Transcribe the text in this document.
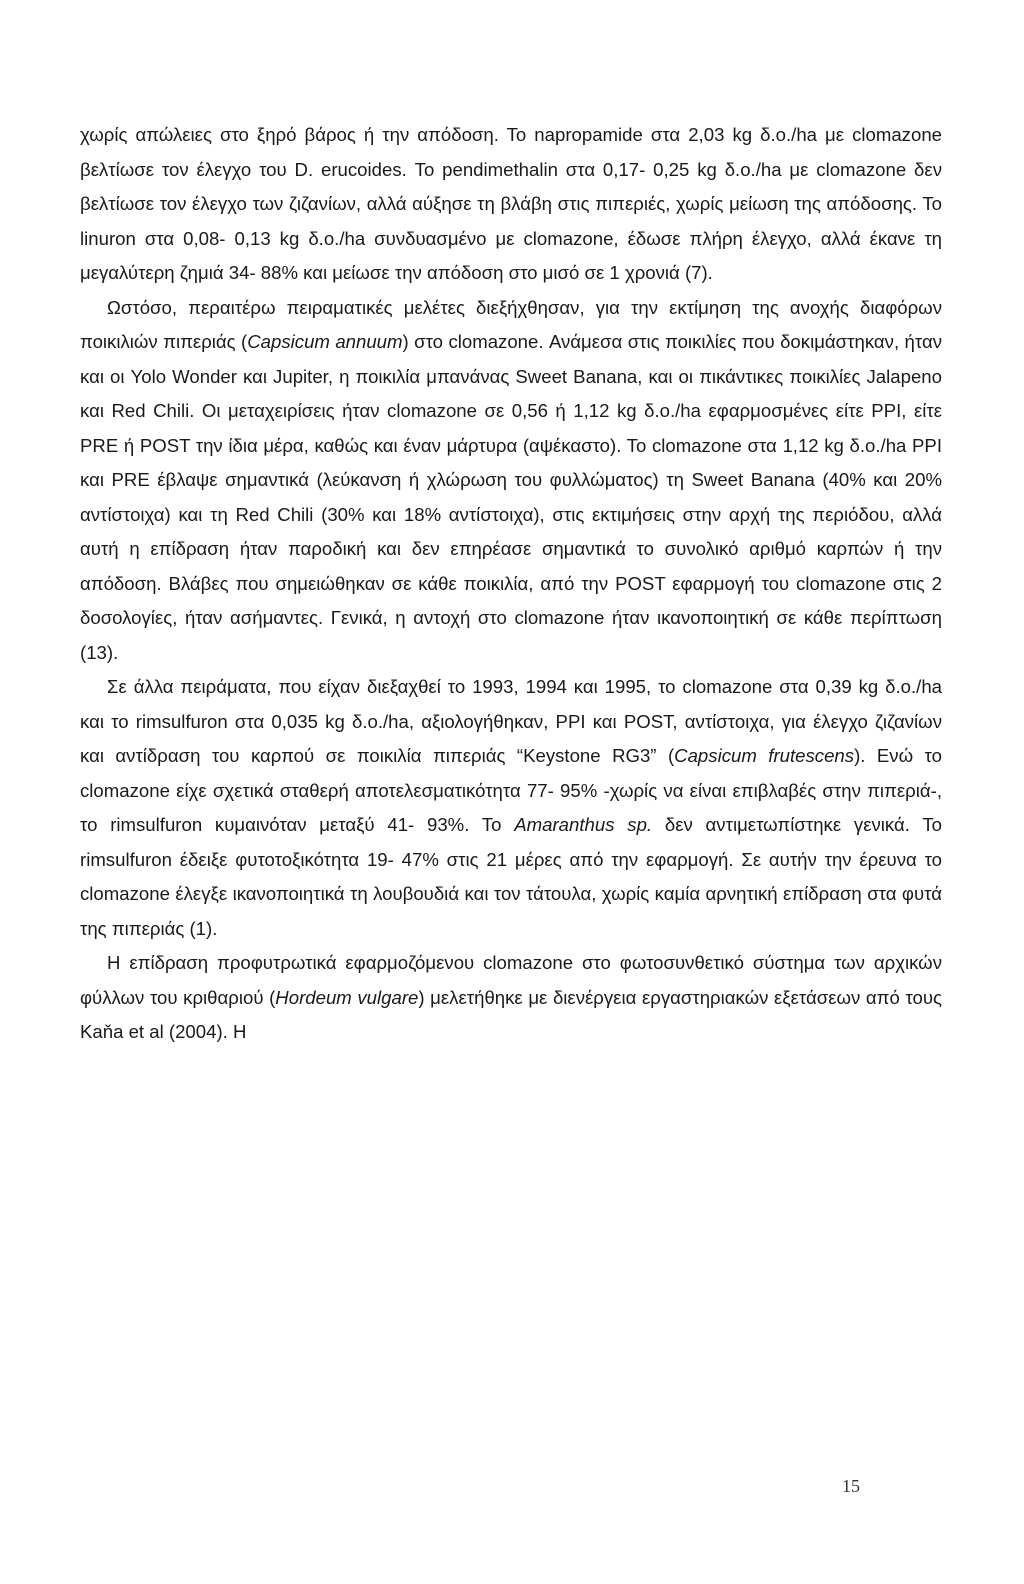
χωρίς απώλειες στο ξηρό βάρος ή την απόδοση. Το napropamide στα 2,03 kg δ.ο./ha με clomazone βελτίωσε τον έλεγχο του D. erucoides. Το pendimethalin στα 0,17- 0,25 kg δ.ο./ha με clomazone δεν βελτίωσε τον έλεγχο των ζιζανίων, αλλά αύξησε τη βλάβη στις πιπεριές, χωρίς μείωση της απόδοσης. Το linuron στα 0,08- 0,13 kg δ.ο./ha συνδυασμένο με clomazone, έδωσε πλήρη έλεγχο, αλλά έκανε τη μεγαλύτερη ζημιά 34- 88% και μείωσε την απόδοση στο μισό σε 1 χρονιά (7).

Ωστόσο, περαιτέρω πειραματικές μελέτες διεξήχθησαν, για την εκτίμηση της ανοχής διαφόρων ποικιλιών πιπεριάς (Capsicum annuum) στο clomazone. Ανάμεσα στις ποικιλίες που δοκιμάστηκαν, ήταν και οι Yolo Wonder και Jupiter, η ποικιλία μπανάνας Sweet Banana, και οι πικάντικες ποικιλίες Jalapeno και Red Chili. Οι μεταχειρίσεις ήταν clomazone σε 0,56 ή 1,12 kg δ.ο./ha εφαρμοσμένες είτε PPI, είτε PRE ή POST την ίδια μέρα, καθώς και έναν μάρτυρα (αψέκαστο). Το clomazone στα 1,12 kg δ.ο./ha PPI και PRE έβλαψε σημαντικά (λεύκανση ή χλώρωση του φυλλώματος) τη Sweet Banana (40% και 20% αντίστοιχα) και τη Red Chili (30% και 18% αντίστοιχα), στις εκτιμήσεις στην αρχή της περιόδου, αλλά αυτή η επίδραση ήταν παροδική και δεν επηρέασε σημαντικά το συνολικό αριθμό καρπών ή την απόδοση. Βλάβες που σημειώθηκαν σε κάθε ποικιλία, από την POST εφαρμογή του clomazone στις 2 δοσολογίες, ήταν ασήμαντες. Γενικά, η αντοχή στο clomazone ήταν ικανοποιητική σε κάθε περίπτωση (13).

Σε άλλα πειράματα, που είχαν διεξαχθεί το 1993, 1994 και 1995, το clomazone στα 0,39 kg δ.ο./ha και το rimsulfuron στα 0,035 kg δ.ο./ha, αξιολογήθηκαν, PPI και POST, αντίστοιχα, για έλεγχο ζιζανίων και αντίδραση του καρπού σε ποικιλία πιπεριάς “Keystone RG3” (Capsicum frutescens). Ενώ το clomazone είχε σχετικά σταθερή αποτελεσματικότητα 77- 95% -χωρίς να είναι επιβλαβές στην πιπεριά-, το rimsulfuron κυμαινόταν μεταξύ 41- 93%. Το Amaranthus sp. δεν αντιμετωπίστηκε γενικά. Το rimsulfuron έδειξε φυτοτοξικότητα 19- 47% στις 21 μέρες από την εφαρμογή. Σε αυτήν την έρευνα το clomazone έλεγξε ικανοποιητικά τη λουβουδιά και τον τάτουλα, χωρίς καμία αρνητική επίδραση στα φυτά της πιπεριάς (1).

Η επίδραση προφυτρωτικά εφαρμοζόμενου clomazone στο φωτοσυνθετικό σύστημα των αρχικών φύλλων του κριθαριού (Hordeum vulgare) μελετήθηκε με διενέργεια εργαστηριακών εξετάσεων από τους Kaňa et al (2004). Η

15
